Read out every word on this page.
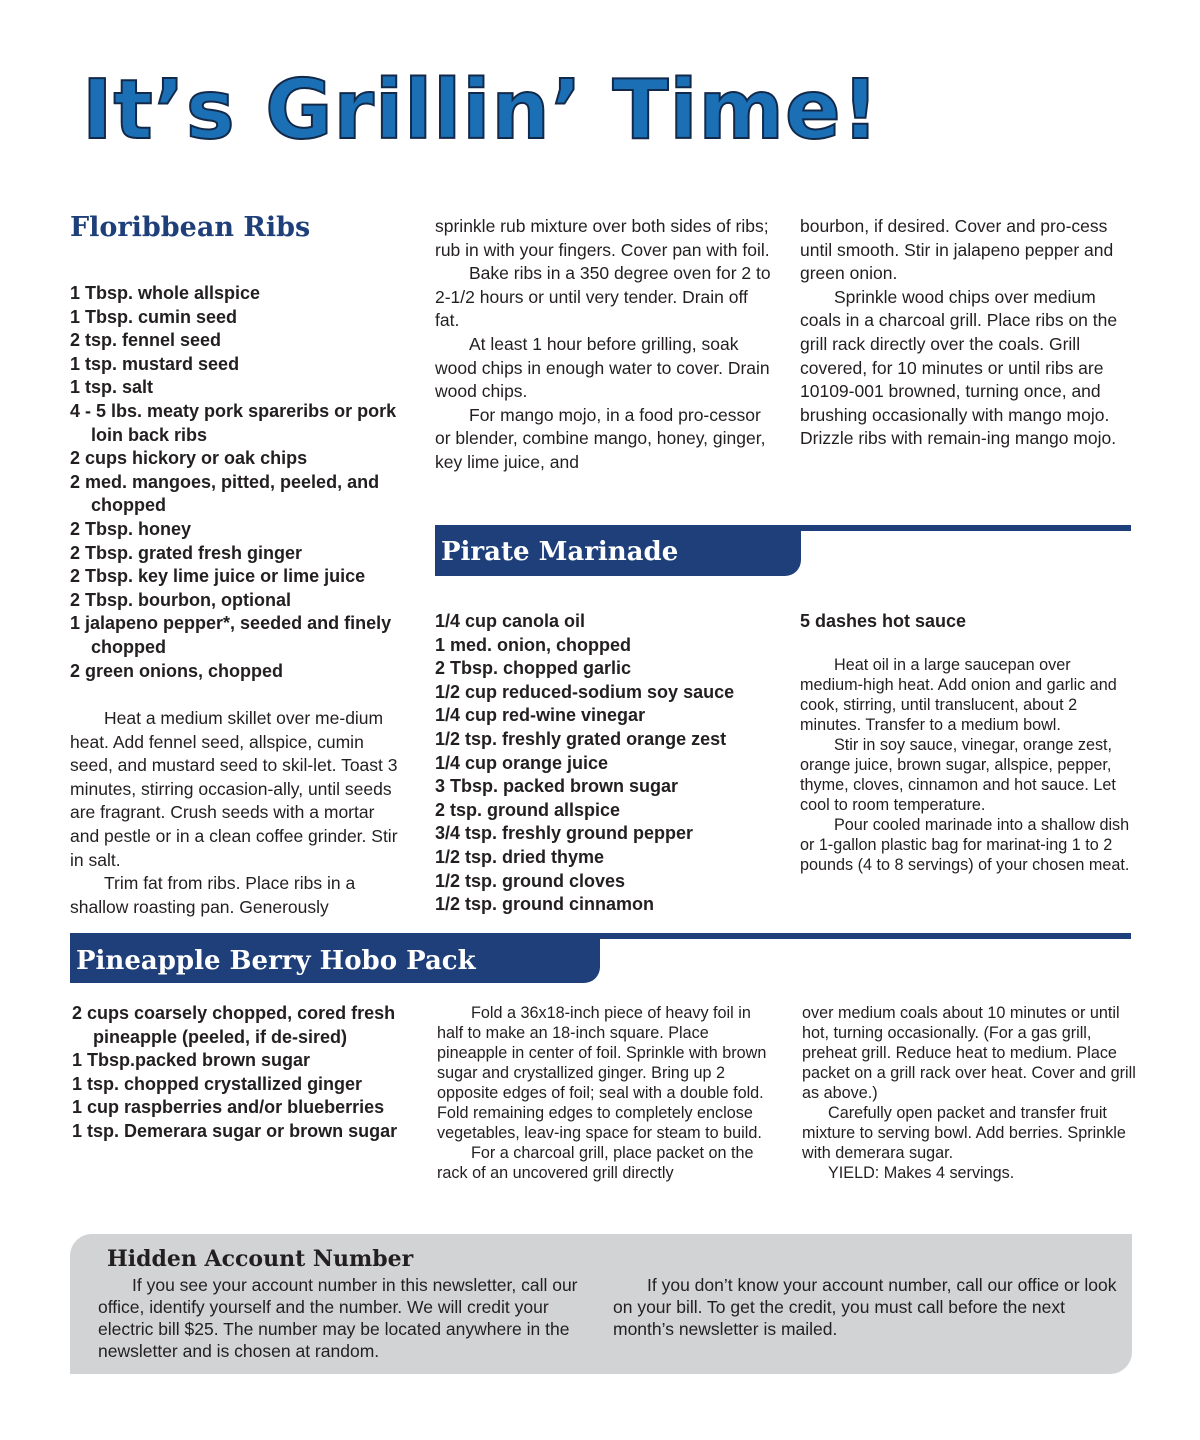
It’s Grillin’ Time!
Floribbean Ribs
1 Tbsp. whole allspice
1 Tbsp. cumin seed
2 tsp. fennel seed
1 tsp. mustard seed
1 tsp. salt
4 - 5 lbs. meaty pork spareribs or pork loin back ribs
2 cups hickory or oak chips
2 med. mangoes, pitted, peeled, and chopped
2 Tbsp. honey
2 Tbsp. grated fresh ginger
2 Tbsp. key lime juice or lime juice
2 Tbsp. bourbon, optional
1 jalapeno pepper*, seeded and finely chopped
2 green onions, chopped

Heat a medium skillet over me-dium heat. Add fennel seed, allspice, cumin seed, and mustard seed to skil-let. Toast 3 minutes, stirring occasion-ally, until seeds are fragrant. Crush seeds with a mortar and pestle or in a clean coffee grinder. Stir in salt.

Trim fat from ribs. Place ribs in a shallow roasting pan. Generously

sprinkle rub mixture over both sides of ribs; rub in with your fingers. Cover pan with foil.

Bake ribs in a 350 degree oven for 2 to 2-1/2 hours or until very tender. Drain off fat.

At least 1 hour before grilling, soak wood chips in enough water to cover. Drain wood chips.

For mango mojo, in a food pro-cessor or blender, combine mango, honey, ginger, key lime juice, and

bourbon, if desired. Cover and pro-cess until smooth. Stir in jalapeno pepper and green onion.

Sprinkle wood chips over medium coals in a charcoal grill. Place ribs on the grill rack directly over the coals. Grill covered, for 10 minutes or until ribs are 10109-001 browned, turning once, and brushing occasionally with mango mojo. Drizzle ribs with remain-ing mango mojo.

Pirate Marinade
1/4 cup canola oil
1 med. onion, chopped
2 Tbsp. chopped garlic
1/2 cup reduced-sodium soy sauce
1/4 cup red-wine vinegar
1/2 tsp. freshly grated orange zest
1/4 cup orange juice
3 Tbsp. packed brown sugar
2 tsp. ground allspice
3/4 tsp. freshly ground pepper
1/2 tsp. dried thyme
1/2 tsp. ground cloves
1/2 tsp. ground cinnamon
5 dashes hot sauce

Heat oil in a large saucepan over medium-high heat. Add onion and garlic and cook, stirring, until translucent, about 2 minutes. Transfer to a medium bowl.

Stir in soy sauce, vinegar, orange zest, orange juice, brown sugar, allspice, pepper, thyme, cloves, cinnamon and hot sauce. Let cool to room temperature.

Pour cooled marinade into a shallow dish or 1-gallon plastic bag for marinat-ing 1 to 2 pounds (4 to 8 servings) of your chosen meat.

Pineapple Berry Hobo Pack
2 cups coarsely chopped, cored fresh pineapple (peeled, if de-sired)
1 Tbsp.packed brown sugar
1 tsp. chopped crystallized ginger
1 cup raspberries and/or blueberries
1 tsp. Demerara sugar or brown sugar

Fold a 36x18-inch piece of heavy foil in half to make an 18-inch square. Place pineapple in center of foil. Sprinkle with brown sugar and crystallized ginger. Bring up 2 opposite edges of foil; seal with a double fold. Fold remaining edges to completely enclose vegetables, leav-ing space for steam to build.

For a charcoal grill, place packet on the rack of an uncovered grill directly

over medium coals about 10 minutes or until hot, turning occasionally. (For a gas grill, preheat grill. Reduce heat to medium. Place packet on a grill rack over heat. Cover and grill as above.)

Carefully open packet and transfer fruit mixture to serving bowl. Add berries. Sprinkle with demerara sugar.

YIELD: Makes 4 servings.

Hidden Account Number

If you see your account number in this newsletter, call our office, identify yourself and the number. We will credit your electric bill $25. The number may be located anywhere in the newsletter and is chosen at random.

If you don’t know your account number, call our office or look on your bill. To get the credit, you must call before the next month’s newsletter is mailed.
